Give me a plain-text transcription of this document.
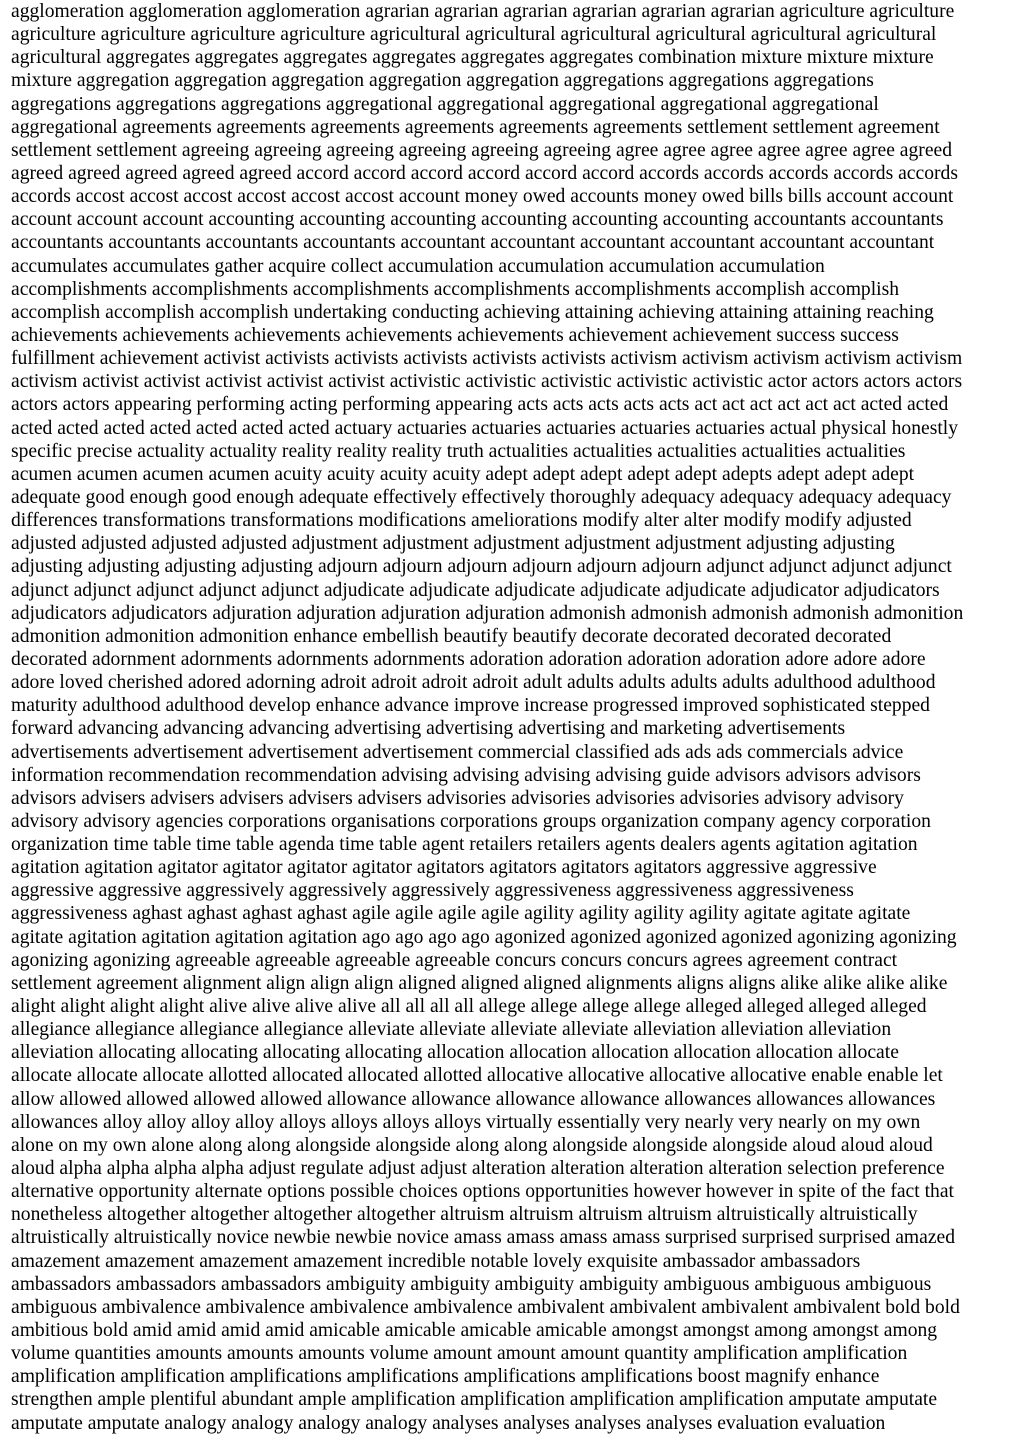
agglomeration agglomeration agglomeration agrarian agrarian agrarian agrarian agrarian agrarian agriculture agriculture
agriculture agriculture agriculture agriculture agricultural agricultural agricultural agricultural agricultural agricultural
agricultural aggregates aggregates aggregates aggregates aggregates aggregates combination mixture mixture mixture
mixture aggregation aggregation aggregation aggregation aggregation aggregations aggregations aggregations
aggregations aggregations aggregations aggregational aggregational aggregational aggregational aggregational
aggregational agreements agreements agreements agreements agreements agreements settlement settlement agreement
settlement settlement agreeing agreeing agreeing agreeing agreeing agreeing agree agree agree agree agree agree agreed
agreed agreed agreed agreed agreed accord accord accord accord accord accord accords accords accords accords accords
accords accost accost accost accost accost accost account money owed accounts money owed bills bills account account
account account account accounting accounting accounting accounting accounting accounting accountants accountants
accountants accountants accountants accountants accountant accountant accountant accountant accountant accountant
accumulates accumulates gather acquire collect accumulation accumulation accumulation accumulation
accomplishments accomplishments accomplishments accomplishments accomplishments accomplish accomplish
accomplish accomplish accomplish undertaking conducting achieving attaining achieving attaining attaining reaching
achievements achievements achievements achievements achievements achievement achievement success success
fulfillment achievement activist activists activists activists activists activists activism activism activism activism activism
activism activist activist activist activist activist activistic activistic activistic activistic activistic actor actors actors actors
actors actors appearing performing acting performing appearing acts acts acts acts acts act act act act act act acted acted
acted acted acted acted acted acted acted actuary actuaries actuaries actuaries actuaries actuaries actual physical honestly
specific precise actuality actuality reality reality reality truth actualities actualities actualities actualities actualities
acumen acumen acumen acumen acuity acuity acuity acuity adept adept adept adept adept adepts adept adept adept
adequate good enough good enough adequate effectively effectively thoroughly adequacy adequacy adequacy adequacy
differences transformations transformations modifications ameliorations modify alter alter modify modify adjusted
adjusted adjusted adjusted adjusted adjustment adjustment adjustment adjustment adjustment adjusting adjusting
adjusting adjusting adjusting adjusting adjourn adjourn adjourn adjourn adjourn adjourn adjunct adjunct adjunct adjunct
adjunct adjunct adjunct adjunct adjunct adjudicate adjudicate adjudicate adjudicate adjudicate adjudicator adjudicators
adjudicators adjudicators adjuration adjuration adjuration adjuration admonish admonish admonish admonish admonition
admonition admonition admonition enhance embellish beautify beautify decorate decorated decorated decorated
decorated adornment adornments adornments adornments adoration adoration adoration adoration adore adore adore
adore loved cherished adored adorning adroit adroit adroit adroit adult adults adults adults adults adulthood adulthood
maturity adulthood adulthood develop enhance advance improve increase progressed improved sophisticated stepped
forward advancing advancing advancing advertising advertising advertising and marketing advertisements
advertisements advertisement advertisement advertisement commercial classified ads ads ads commercials advice
information recommendation recommendation advising advising advising advising guide advisors advisors advisors
advisors advisers advisers advisers advisers advisers advisories advisories advisories advisories advisory advisory
advisory advisory agencies corporations organisations corporations groups organization company agency corporation
organization time table time table agenda time table agent retailers retailers agents dealers agents agitation agitation
agitation agitation agitator agitator agitator agitator agitators agitators agitators agitators aggressive aggressive
aggressive aggressive aggressively aggressively aggressively aggressiveness aggressiveness aggressiveness
aggressiveness aghast aghast aghast aghast agile agile agile agile agility agility agility agility agitate agitate agitate
agitate agitation agitation agitation agitation ago ago ago ago agonized agonized agonized agonized agonizing agonizing
agonizing agonizing agreeable agreeable agreeable agreeable concurs concurs concurs agrees agreement contract
settlement agreement alignment align align align aligned aligned aligned alignments aligns aligns alike alike alike alike
alight alight alight alight alive alive alive alive all all all all allege allege allege allege alleged alleged alleged alleged
allegiance allegiance allegiance allegiance alleviate alleviate alleviate alleviate alleviation alleviation alleviation
alleviation allocating allocating allocating allocating allocation allocation allocation allocation allocation allocate
allocate allocate allocate allotted allocated allocated allotted allocative allocative allocative allocative enable enable let
allow allowed allowed allowed allowed allowance allowance allowance allowance allowances allowances allowances
allowances alloy alloy alloy alloy alloys alloys alloys alloys virtually essentially very nearly very nearly on my own
alone on my own alone along along alongside alongside along along alongside alongside alongside aloud aloud aloud
aloud alpha alpha alpha alpha adjust regulate adjust adjust alteration alteration alteration alteration selection preference
alternative opportunity alternate options possible choices options opportunities however however in spite of the fact that
nonetheless altogether altogether altogether altogether altruism altruism altruism altruism altruistically altruistically
altruistically altruistically novice newbie newbie novice amass amass amass amass surprised surprised surprised amazed
amazement amazement amazement amazement incredible notable lovely exquisite ambassador ambassadors
ambassadors ambassadors ambassadors ambiguity ambiguity ambiguity ambiguity ambiguous ambiguous ambiguous
ambiguous ambivalence ambivalence ambivalence ambivalence ambivalent ambivalent ambivalent ambivalent bold bold
ambitious bold amid amid amid amid amicable amicable amicable amicable amongst amongst among amongst among
volume quantities amounts amounts amounts volume amount amount amount quantity amplification amplification
amplification amplification amplifications amplifications amplifications amplifications boost magnify enhance
strengthen ample plentiful abundant ample amplification amplification amplification amplification amputate amputate
amputate amputate analogy analogy analogy analogy analyses analyses analyses analyses evaluation evaluation
